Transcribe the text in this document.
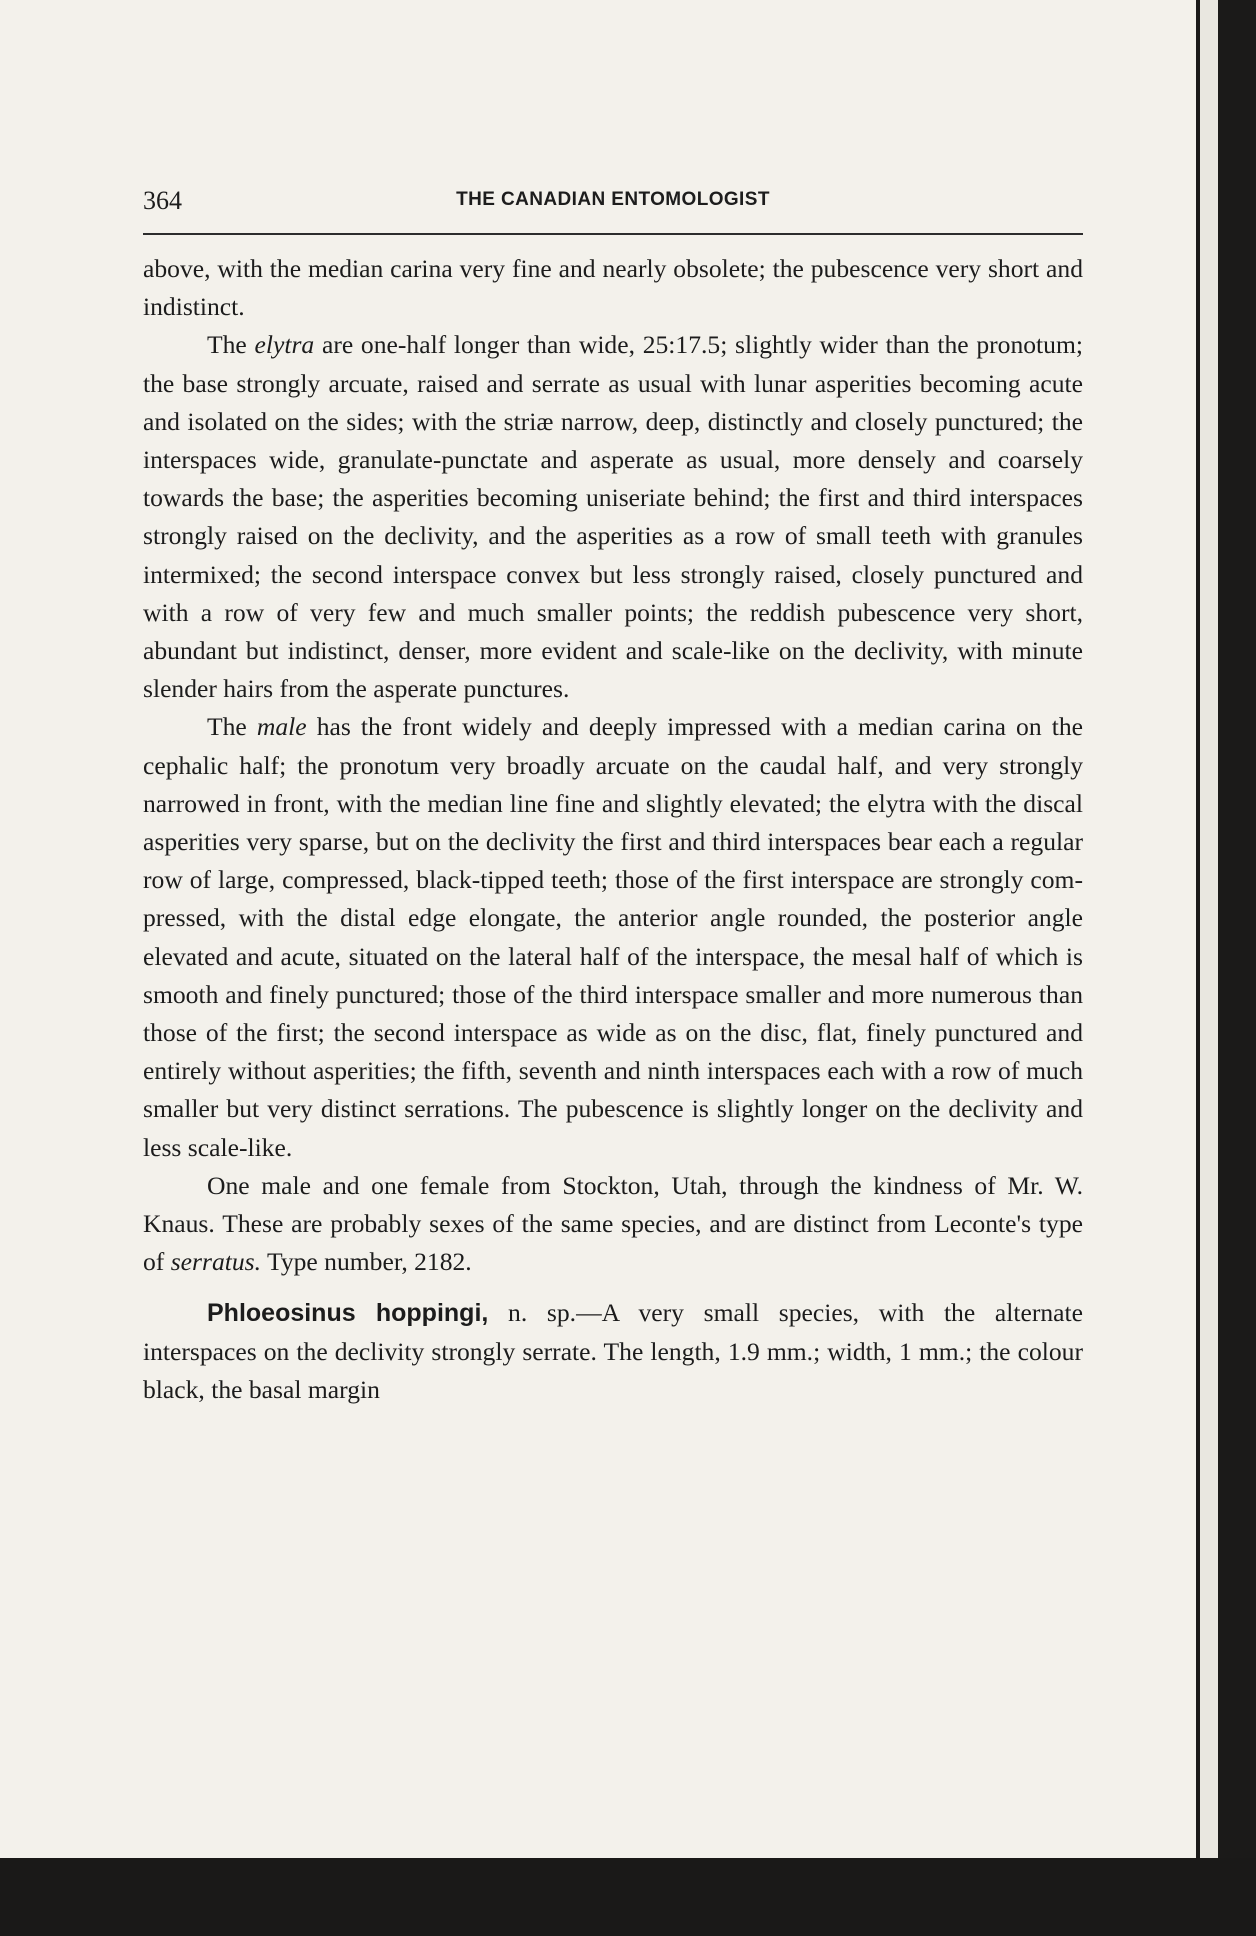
364	THE CANADIAN ENTOMOLOGIST

above, with the median carina very fine and nearly obsolete; the pubescence very short and indistinct.

The elytra are one-half longer than wide, 25:17.5; slightly wider than the pronotum; the base strongly arcuate, raised and serrate as usual with lunar asperities becoming acute and isolated on the sides; with the striæ narrow, deep, distinctly and closely punctured; the interspaces wide, granulate-punctate and asperate as usual, more densely and coarsely towards the base; the asperities becoming uniseriate behind; the first and third interspaces strongly raised on the declivity, and the asperities as a row of small teeth with granules intermixed; the second interspace convex but less strongly raised, closely punctured and with a row of very few and much smaller points; the reddish pubescence very short, abundant but indistinct, denser, more evident and scale-like on the declivity, with minute slender hairs from the asperate punctures.

The male has the front widely and deeply impressed with a median carina on the cephalic half; the pronotum very broadly arcuate on the caudal half, and very strongly narrowed in front, with the median line fine and slightly elevated; the elytra with the discal asperities very sparse, but on the declivity the first and third interspaces bear each a regular row of large, compressed, black-tipped teeth; those of the first interspace are strongly com-pressed, with the distal edge elongate, the anterior angle rounded, the posterior angle elevated and acute, situated on the lateral half of the interspace, the mesal half of which is smooth and finely punctured; those of the third interspace smaller and more numerous than those of the first; the second interspace as wide as on the disc, flat, finely punctured and entirely without asperities; the fifth, seventh and ninth interspaces each with a row of much smaller but very distinct serrations. The pubescence is slightly longer on the declivity and less scale-like.

One male and one female from Stockton, Utah, through the kindness of Mr. W. Knaus. These are probably sexes of the same species, and are distinct from Leconte's type of serratus. Type number, 2182.

Phloeosinus hoppingi, n. sp.—A very small species, with the alternate interspaces on the declivity strongly serrate. The length, 1.9 mm.; width, 1 mm.; the colour black, the basal margin
